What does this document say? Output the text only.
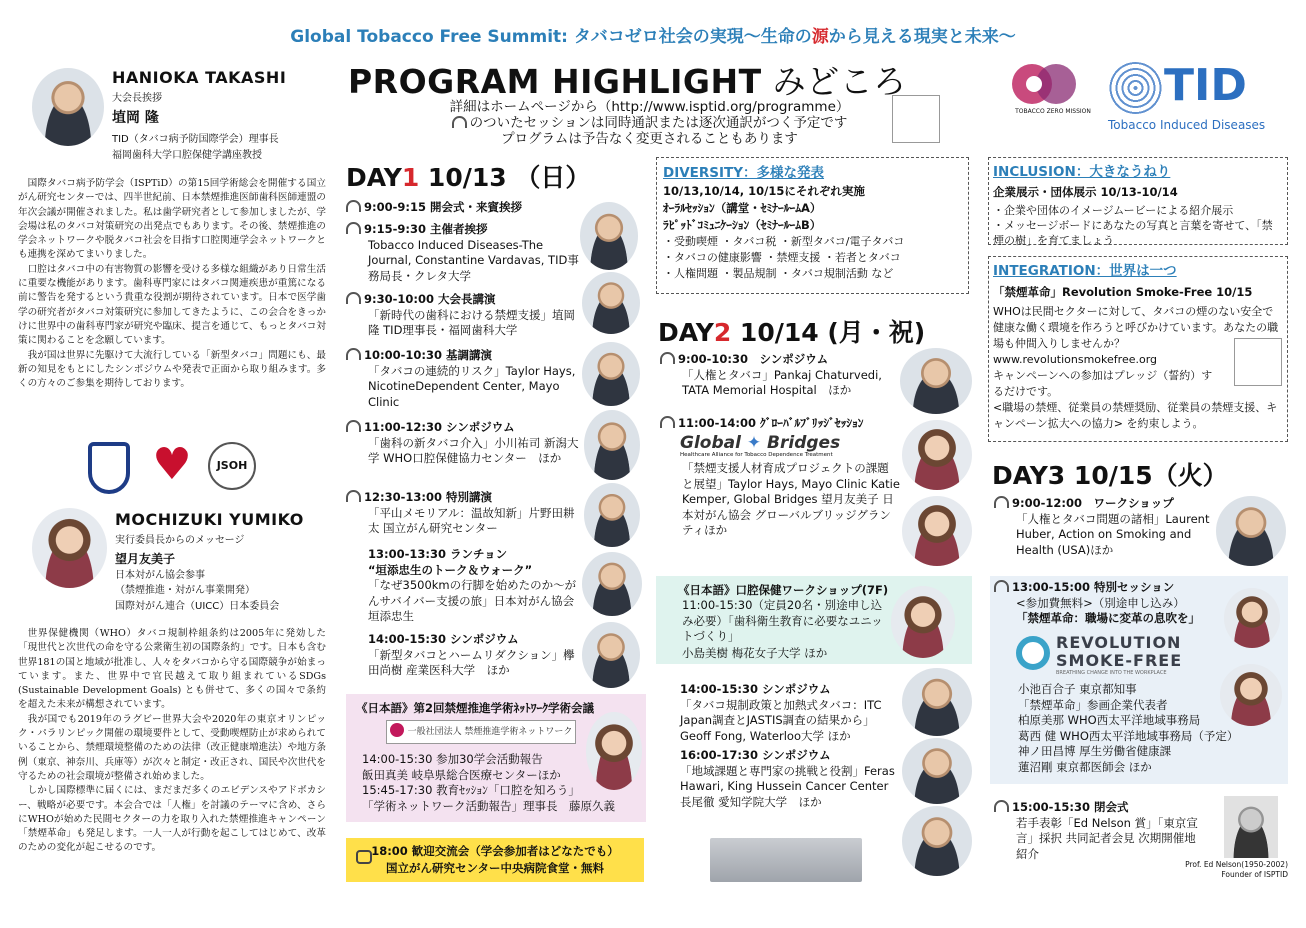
Global Tobacco Free Summit: タバコゼロ社会の実現〜生命の源から見える現実と未来〜
PROGRAM HIGHLIGHT みどころ
詳細はホームページから（http://www.isptid.org/programme）
のついたセッションは同時通訳または逐次通訳がつく予定です
プログラムは予告なく変更されることもあります
TOBACCO ZERO MISSION
TID
Tobacco Induced Diseases
HANIOKA TAKASHI
大会長挨拶
埴岡 隆
TID（タバコ病予防国際学会）理事長
福岡歯科大学口腔保健学講座教授

国際タバコ病予防学会（ISPTiD）の第15回学術総会を開催する国立がん研究センターでは、四半世紀前、日本禁煙推進医師歯科医師連盟の年次会議が開催されました。私は歯学研究者として参加しましたが、学会場は私のタバコ対策研究の出発点でもあります。その後、禁煙推進の学会ネットワークや脱タバコ社会を目指す口腔関連学会ネットワークとも連携を深めてまいりました。

口腔はタバコ中の有害物質の影響を受ける多様な組織があり日常生活に重要な機能があります。歯科専門家にはタバコ関連疾患が重篤になる前に警告を発するという貴重な役割が期待されています。日本で医学歯学の研究者がタバコ対策研究に参加してきたように、この会合をきっかけに世界中の歯科専門家が研究や臨床、提言を通じて、もっとタバコ対策に関わることを念願しています。

我が国は世界に先駆けて大流行している「新型タバコ」問題にも、最新の知見をもとにしたシンポジウムや発表で正面から取り組みます。多くの方々のご参集を期待しております。

♥	JSOH
MOCHIZUKI YUMIKO
実行委員長からのメッセージ
望月友美子
日本対がん協会参事
（禁煙推進・対がん事業開発）
国際対がん連合（UICC）日本委員会

世界保健機関（WHO）タバコ規制枠組条約は2005年に発効した「現世代と次世代の命を守る公衆衛生初の国際条約」です。日本も含む世界181の国と地域が批准し、人々をタバコから守る国際競争が始まっています。また、世界中で官民越えて取り組まれているSDGs (Sustainable Development Goals) とも併せて、多くの国々で条約を超えた未来が構想されています。

我が国でも2019年のラグビー世界大会や2020年の東京オリンピック・パラリンピック開催の環境要件として、受動喫煙防止が求められていることから、禁煙環境整備のための法律（改正健康増進法）や地方条例（東京、神奈川、兵庫等）が次々と制定・改正され、国民や次世代を守るための社会環境が整備され始めました。

しかし国際標準に届くには、まだまだ多くのエビデンスやアドボカシー、戦略が必要です。本会合では「人権」を討議のテーマに含め、さらにWHOが始めた民間セクターの力を取り入れた禁煙推進キャンペーン「禁煙革命」も発足します。一人一人が行動を起こしてはじめて、改革のための変化が起こせるのです。

DAY1 10/13 （日）
9:00-9:15 開会式・来賓挨拶
9:15-9:30 主催者挨拶
Tobacco Induced Diseases-The Journal, Constantine Vardavas, TID事務局長・クレタ大学
9:30-10:00 大会長講演
「新時代の歯科における禁煙支援」埴岡隆 TID理事長・福岡歯科大学
10:00-10:30 基調講演
「タバコの連続的リスク」Taylor Hays, NicotineDependent Center, Mayo Clinic
11:00-12:30 シンポジウム
「歯科の新タバコ介入」小川祐司 新潟大学 WHO口腔保健協力センター　ほか
12:30-13:00 特別講演
「平山メモリアル：温故知新」片野田耕太 国立がん研究センター
13:00-13:30 ランチョン
“垣添忠生のトーク＆ウォーク”
「なぜ3500kmの行脚を始めたのか〜がんサバイバー支援の旅」日本対がん協会 垣添忠生
14:00-15:30 シンポジウム
「新型タバコとハームリダクション」欅田尚樹 産業医科大学　ほか
《日本語》第2回禁煙推進学術ﾈｯﾄﾜｰｸ学術会議
一般社団法人 禁煙推進学術ネットワーク
14:00-15:30 参加30学会活動報告
飯田真美 岐阜県総合医療センターほか
15:45-17:30 教育ｾｯｼｮﾝ「口腔を知ろう」
「学術ネットワーク活動報告」理事長　藤原久義
18:00 歓迎交流会（学会参加者はどなたでも）
国立がん研究センター中央病院食堂・無料
DIVERSITY：多様な発表
10/13,10/14, 10/15にそれぞれ実施
ｵｰﾗﾙｾｯｼｮﾝ（講堂・ｾﾐﾅｰﾙｰﾑA）
ﾗﾋﾟｯﾄﾞｺﾐｭﾆｹｰｼｮﾝ（ｾﾐﾅｰﾙｰﾑB）
・受動喫煙 ・タバコ税 ・新型タバコ/電子タバコ
・タバコの健康影響 ・禁煙支援 ・若者とタバコ
・人権問題 ・製品規制 ・タバコ規制活動 など
DAY2 10/14 (月・祝)
9:00-10:30　シンポジウム
「人権とタバコ」Pankaj Chaturvedi, TATA Memorial Hospital　ほか
11:00-14:00 ｸﾞﾛｰﾊﾞﾙﾌﾞﾘｯｼﾞｾｯｼｮﾝ
Global ✦ Bridges
Healthcare Alliance for Tobacco Dependence Treatment
「禁煙支援人材育成プロジェクトの課題と展望」Taylor Hays, Mayo Clinic Katie Kemper, Global Bridges 望月友美子 日本対がん協会 グローバルブリッジグランティほか
《日本語》口腔保健ワークショップ(7F)
11:00-15:30（定員20名・別途申し込み必要）「歯科衛生教育に必要なユニットづくり」
小島美樹 梅花女子大学 ほか
14:00-15:30 シンポジウム
「タバコ規制政策と加熱式タバコ：ITC Japan調査とJASTIS調査の結果から」Geoff Fong, Waterloo大学 ほか
16:00-17:30 シンポジウム
「地域課題と専門家の挑戦と役割」Feras Hawari, King Hussein Cancer Center 長尾徹 愛知学院大学　ほか
INCLUSION：大きなうねり
企業展示・団体展示 10/13-10/14
・企業や団体のイメージムービーによる紹介展示
・メッセージボードにあなたの写真と言葉を寄せて、「禁煙の樹」を育てましょう
INTEGRATION：世界は一つ
「禁煙革命」Revolution Smoke-Free 10/15
WHOは民間セクターに対して、タバコの煙のない安全で健康な働く環境を作ろうと呼びかけています。あなたの職場も仲間入りしませんか？
www.revolutionsmokefree.org
キャンペーンへの参加はプレッジ（誓約）するだけです。
<職場の禁煙、従業員の禁煙奨励、従業員の禁煙支援、キャンペーン拡大への協力> を約束しよう。
DAY3 10/15（火）
9:00-12:00　ワークショップ
「人権とタバコ問題の諸相」Laurent Huber, Action on Smoking and Health (USA)ほか
13:00-15:00 特別セッション
<参加費無料>（別途申し込み）
「禁煙革命：職場に変革の息吹を」
REVOLUTION
SMOKE-FREE
BREATHING CHANGE INTO THE WORKPLACE
小池百合子 東京都知事
「禁煙革命」参画企業代表者
柏原美那 WHO西太平洋地域事務局
葛西 健 WHO西太平洋地域事務局（予定）
神ノ田昌博 厚生労働省健康課
蓮沼剛 東京都医師会 ほか
15:00-15:30 閉会式
若手表彰「Ed Nelson 賞」「東京宣言」採択 共同記者会見 次期開催地紹介
Prof. Ed Nelson(1950-2002)
Founder of ISPTID
